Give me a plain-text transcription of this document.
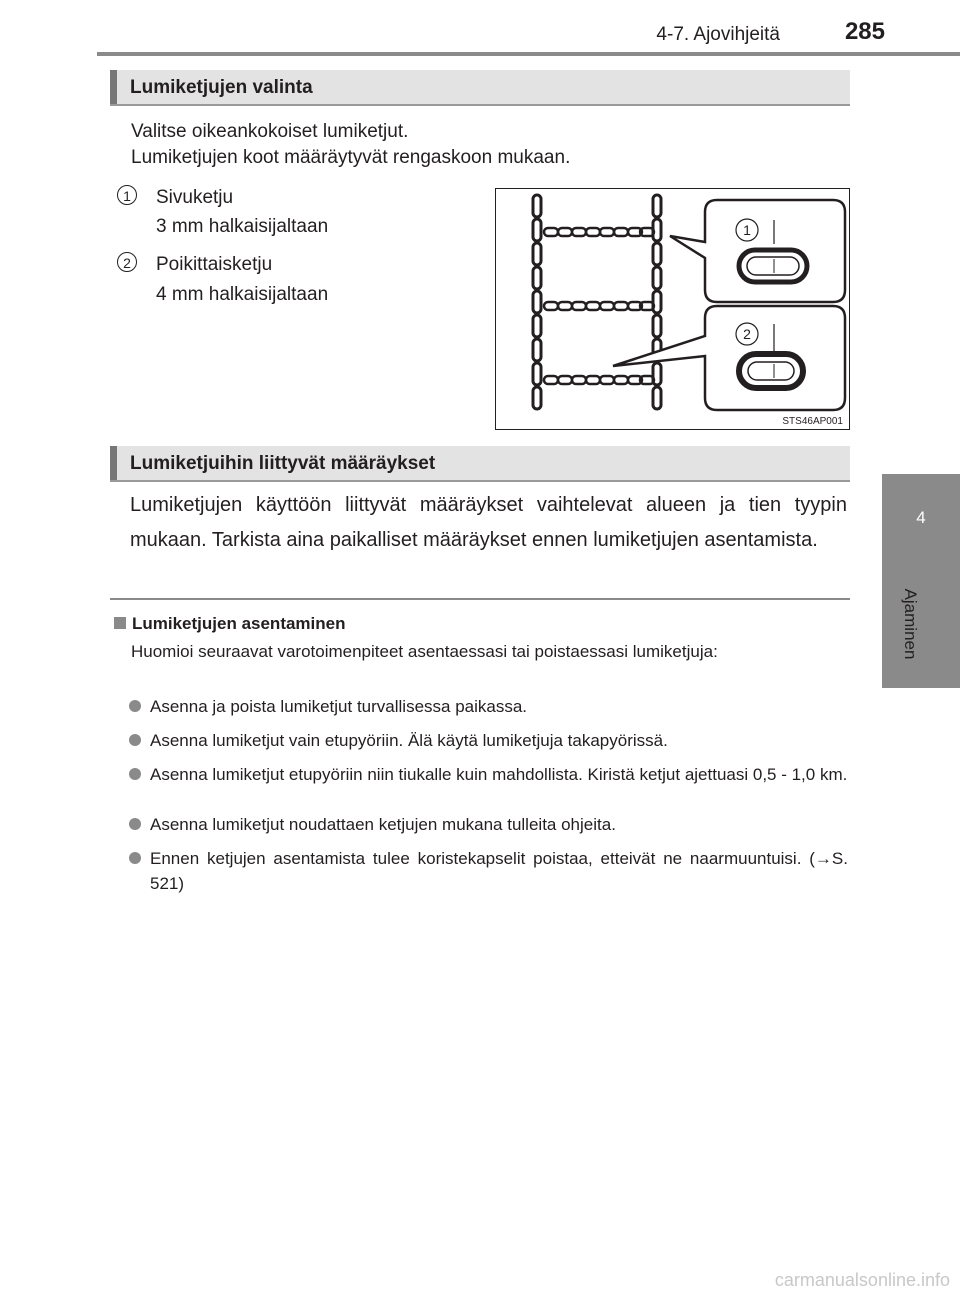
4-7. Ajovihjeitä	285
4
Ajaminen
Lumiketjujen valinta
Valitse oikeankokoiset lumiketjut.
Lumiketjujen koot määräytyvät rengaskoon mukaan.
1	Sivuketju
3 mm halkaisijaltaan
2	Poikittaisketju
4 mm halkaisijaltaan
1
2
STS46AP001
Lumiketjuihin liittyvät määräykset
Lumiketjujen käyttöön liittyvät määräykset vaihtelevat alueen ja tien tyypin mukaan. Tarkista aina paikalliset määräykset ennen lumiketjujen asentamista.
Lumiketjujen asentaminen
Huomioi seuraavat varotoimenpiteet asentaessasi tai poistaessasi lumiketjuja:
Asenna ja poista lumiketjut turvallisessa paikassa.
Asenna lumiketjut vain etupyöriin. Älä käytä lumiketjuja takapyörissä.
Asenna lumiketjut etupyöriin niin tiukalle kuin mahdollista. Kiristä ketjut ajettuasi 0,5 - 1,0 km.
Asenna lumiketjut noudattaen ketjujen mukana tulleita ohjeita.
Ennen ketjujen asentamista tulee koristekapselit poistaa, etteivät ne naarmuuntuisi. (→S. 521)
carmanualsonline.info
